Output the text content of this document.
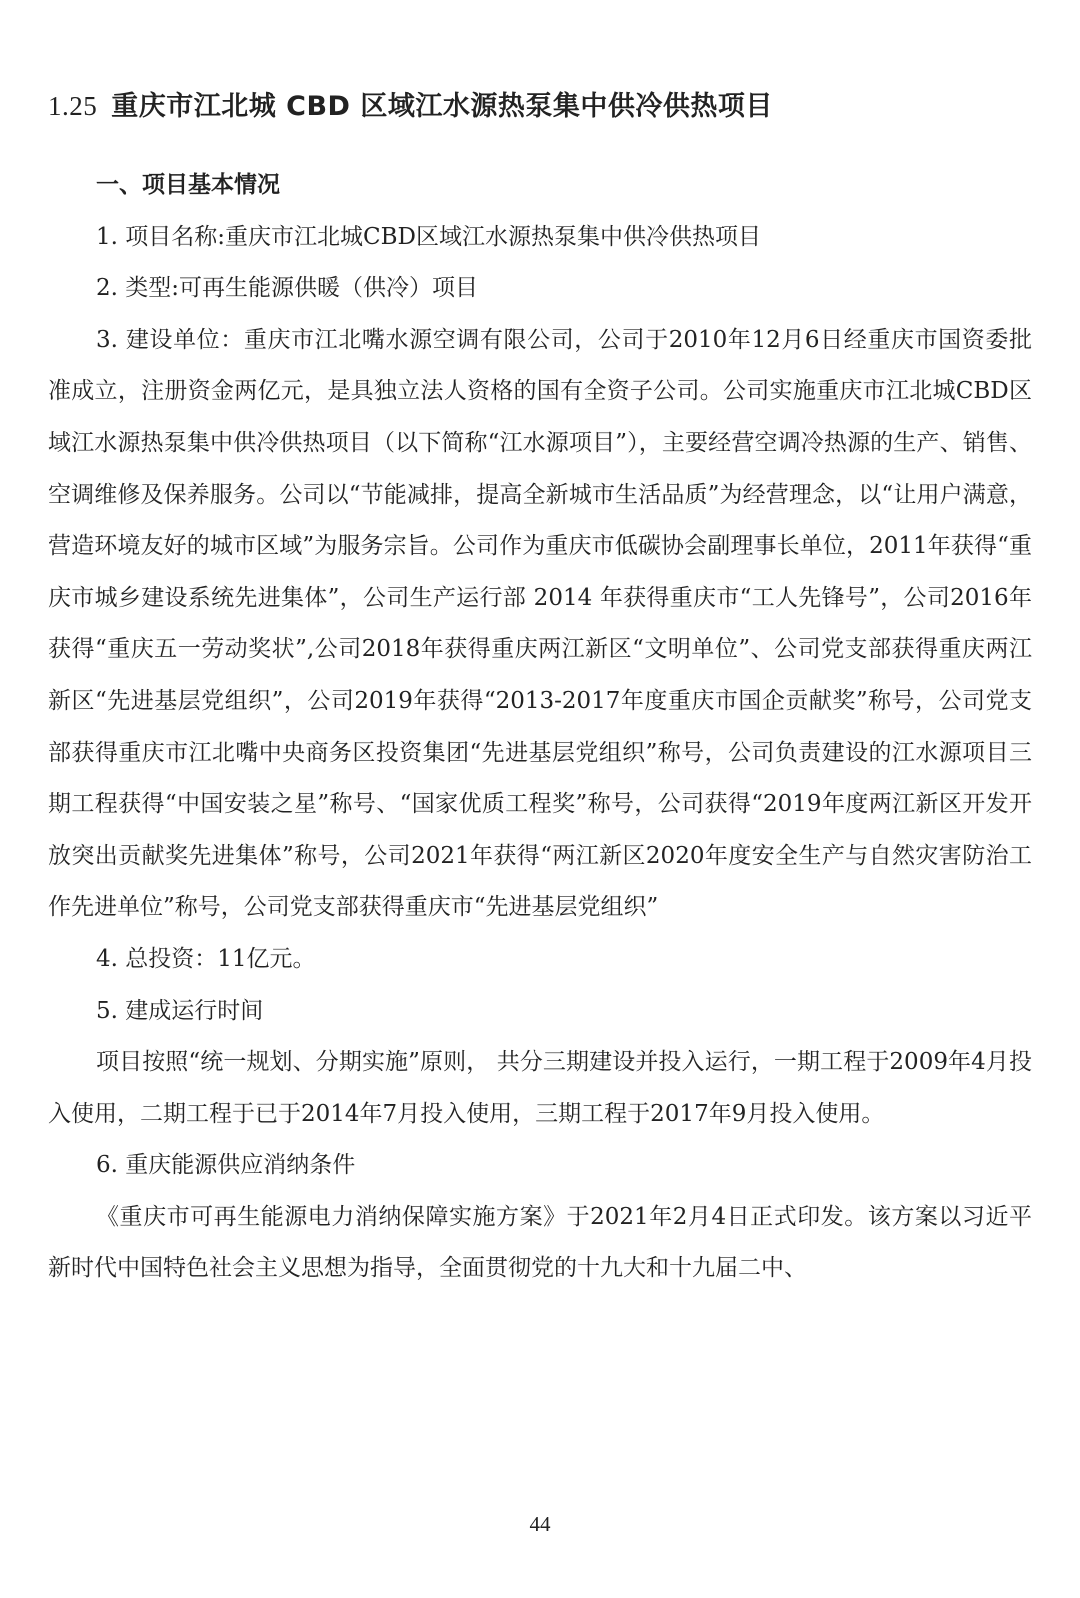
1.25 重庆市江北城 CBD 区域江水源热泵集中供冷供热项目

一、项目基本情况

1. 项目名称:重庆市江北城CBD区域江水源热泵集中供冷供热项目

2. 类型:可再生能源供暖（供冷）项目

3. 建设单位：重庆市江北嘴水源空调有限公司，公司于2010年12月6日经重庆市国资委批准成立，注册资金两亿元，是具独立法人资格的国有全资子公司。公司实施重庆市江北城CBD区域江水源热泵集中供冷供热项目（以下简称“江水源项目”），主要经营空调冷热源的生产、销售、空调维修及保养服务。公司以“节能减排，提高全新城市生活品质”为经营理念，以“让用户满意，营造环境友好的城市区域”为服务宗旨。公司作为重庆市低碳协会副理事长单位，2011年获得“重庆市城乡建设系统先进集体”，公司生产运行部 2014 年获得重庆市“工人先锋号”，公司2016年获得“重庆五一劳动奖状”,公司2018年获得重庆两江新区“文明单位”、公司党支部获得重庆两江新区“先进基层党组织”，公司2019年获得“2013-2017年度重庆市国企贡献奖”称号，公司党支部获得重庆市江北嘴中央商务区投资集团“先进基层党组织”称号，公司负责建设的江水源项目三期工程获得“中国安装之星”称号、“国家优质工程奖”称号，公司获得“2019年度两江新区开发开放突出贡献奖先进集体”称号，公司2021年获得“两江新区2020年度安全生产与自然灾害防治工作先进单位”称号，公司党支部获得重庆市“先进基层党组织”

4. 总投资：11亿元。

5. 建成运行时间

项目按照“统一规划、分期实施”原则， 共分三期建设并投入运行，一期工程于2009年4月投入使用，二期工程于已于2014年7月投入使用，三期工程于2017年9月投入使用。

6. 重庆能源供应消纳条件

《重庆市可再生能源电力消纳保障实施方案》于2021年2月4日正式印发。该方案以习近平新时代中国特色社会主义思想为指导，全面贯彻党的十九大和十九届二中、

44
